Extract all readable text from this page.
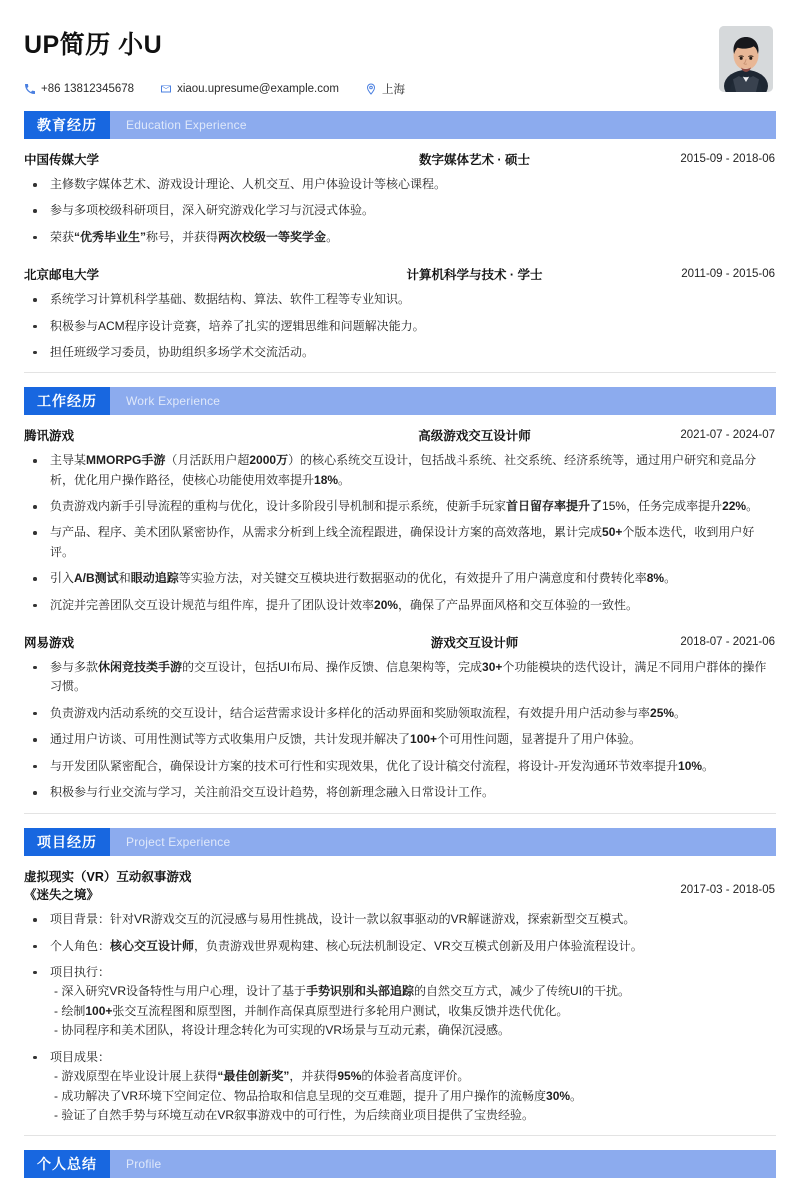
UP简历 小U
+86 13812345678	xiaou.upresume@example.com	上海
教育经历	Education Experience
中国传媒大学	数字媒体艺术 · 硕士	2015-09 - 2018-06
主修数字媒体艺术、游戏设计理论、人机交互、用户体验设计等核心课程。
参与多项校级科研项目，深入研究游戏化学习与沉浸式体验。
荣获“优秀毕业生”称号，并获得两次校级一等奖学金。
北京邮电大学	计算机科学与技术 · 学士	2011-09 - 2015-06
系统学习计算机科学基础、数据结构、算法、软件工程等专业知识。
积极参与ACM程序设计竞赛，培养了扎实的逻辑思维和问题解决能力。
担任班级学习委员，协助组织多场学术交流活动。
工作经历	Work Experience
腾讯游戏	高级游戏交互设计师	2021-07 - 2024-07
主导某MMORPG手游（月活跃用户超2000万）的核心系统交互设计，包括战斗系统、社交系统、经济系统等，通过用户研究和竞品分析，优化用户操作路径，使核心功能使用效率提升18%。
负责游戏内新手引导流程的重构与优化，设计多阶段引导机制和提示系统，使新手玩家首日留存率提升了15%，任务完成率提升22%。
与产品、程序、美术团队紧密协作，从需求分析到上线全流程跟进，确保设计方案的高效落地，累计完成50+个版本迭代，收到用户好评。
引入A/B测试和眼动追踪等实验方法，对关键交互模块进行数据驱动的优化，有效提升了用户满意度和付费转化率8%。
沉淀并完善团队交互设计规范与组件库，提升了团队设计效率20%，确保了产品界面风格和交互体验的一致性。
网易游戏	游戏交互设计师	2018-07 - 2021-06
参与多款休闲竞技类手游的交互设计，包括UI布局、操作反馈、信息架构等，完成30+个功能模块的迭代设计，满足不同用户群体的操作习惯。
负责游戏内活动系统的交互设计，结合运营需求设计多样化的活动界面和奖励领取流程，有效提升用户活动参与率25%。
通过用户访谈、可用性测试等方式收集用户反馈，共计发现并解决了100+个可用性问题，显著提升了用户体验。
与开发团队紧密配合，确保设计方案的技术可行性和实现效果，优化了设计稿交付流程，将设计-开发沟通环节效率提升10%。
积极参与行业交流与学习，关注前沿交互设计趋势，将创新理念融入日常设计工作。
项目经历	Project Experience
虚拟现实（VR）互动叙事游戏
《迷失之境》	2017-03 - 2018-05
项目背景：针对VR游戏交互的沉浸感与易用性挑战，设计一款以叙事驱动的VR解谜游戏，探索新型交互模式。
个人角色：核心交互设计师，负责游戏世界观构建、核心玩法机制设定、VR交互模式创新及用户体验流程设计。
项目执行：
- 深入研究VR设备特性与用户心理，设计了基于手势识别和头部追踪的自然交互方式，减少了传统UI的干扰。
- 绘制100+张交互流程图和原型图，并制作高保真原型进行多轮用户测试，收集反馈并迭代优化。
- 协同程序和美术团队，将设计理念转化为可实现的VR场景与互动元素，确保沉浸感。
项目成果：
- 游戏原型在毕业设计展上获得“最佳创新奖”，并获得95%的体验者高度评价。
- 成功解决了VR环境下空间定位、物品拾取和信息呈现的交互难题，提升了用户操作的流畅度30%。
- 验证了自然手势与环境互动在VR叙事游戏中的可行性，为后续商业项目提供了宝贵经验。
个人总结	Profile
